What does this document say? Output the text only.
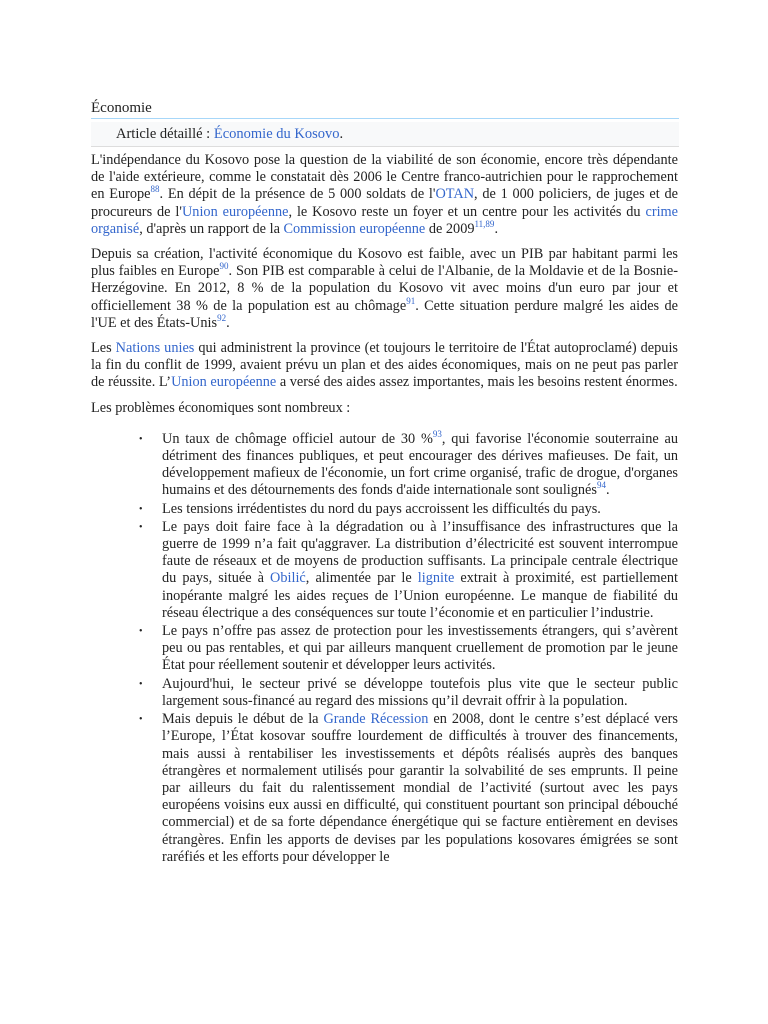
Économie
Article détaillé : Économie du Kosovo.

L'indépendance du Kosovo pose la question de la viabilité de son économie, encore très dépendante de l'aide extérieure, comme le constatait dès 2006 le Centre franco-autrichien pour le rapprochement en Europe$^{88}$. En dépit de la présence de 5 000 soldats de l'OTAN, de 1 000 policiers, de juges et de procureurs de l'Union européenne, le Kosovo reste un foyer et un centre pour les activités du crime organisé, d'après un rapport de la Commission européenne de 2009$^{11,89}$.

Depuis sa création, l'activité économique du Kosovo est faible, avec un PIB par habitant parmi les plus faibles en Europe$^{90}$. Son PIB est comparable à celui de l'Albanie, de la Moldavie et de la Bosnie-Herzégovine. En 2012, 8 % de la population du Kosovo vit avec moins d'un euro par jour et officiellement 38 % de la population est au chômage$^{91}$. Cette situation perdure malgré les aides de l'UE et des États-Unis$^{92}$.

Les Nations unies qui administrent la province (et toujours le territoire de l'État autoproclamé) depuis la fin du conflit de 1999, avaient prévu un plan et des aides économiques, mais on ne peut pas parler de réussite. L’Union européenne a versé des aides assez importantes, mais les besoins restent énormes.

Les problèmes économiques sont nombreux :

• Un taux de chômage officiel autour de 30 %$^{93}$, qui favorise l'économie souterraine au détriment des finances publiques, et peut encourager des dérives mafieuses. De fait, un développement mafieux de l'économie, un fort crime organisé, trafic de drogue, d'organes humains et des détournements des fonds d'aide internationale sont soulignés$^{94}$.
• Les tensions irrédentistes du nord du pays accroissent les difficultés du pays.
• Le pays doit faire face à la dégradation ou à l’insuffisance des infrastructures que la guerre de 1999 n’a fait qu'aggraver. La distribution d’électricité est souvent interrompue faute de réseaux et de moyens de production suffisants. La principale centrale électrique du pays, située à Obilić, alimentée par le lignite extrait à proximité, est partiellement inopérante malgré les aides reçues de l’Union européenne. Le manque de fiabilité du réseau électrique a des conséquences sur toute l’économie et en particulier l’industrie.
• Le pays n’offre pas assez de protection pour les investissements étrangers, qui s’avèrent peu ou pas rentables, et qui par ailleurs manquent cruellement de promotion par le jeune État pour réellement soutenir et développer leurs activités.
• Aujourd'hui, le secteur privé se développe toutefois plus vite que le secteur public largement sous-financé au regard des missions qu’il devrait offrir à la population.
• Mais depuis le début de la Grande Récession en 2008, dont le centre s’est déplacé vers l’Europe, l’État kosovar souffre lourdement de difficultés à trouver des financements, mais aussi à rentabiliser les investissements et dépôts réalisés auprès des banques étrangères et normalement utilisés pour garantir la solvabilité de ses emprunts. Il peine par ailleurs du fait du ralentissement mondial de l’activité (surtout avec les pays européens voisins eux aussi en difficulté, qui constituent pourtant son principal débouché commercial) et de sa forte dépendance énergétique qui se facture entièrement en devises étrangères. Enfin les apports de devises par les populations kosovares émigrées se sont raréfiés et les efforts pour développer le
